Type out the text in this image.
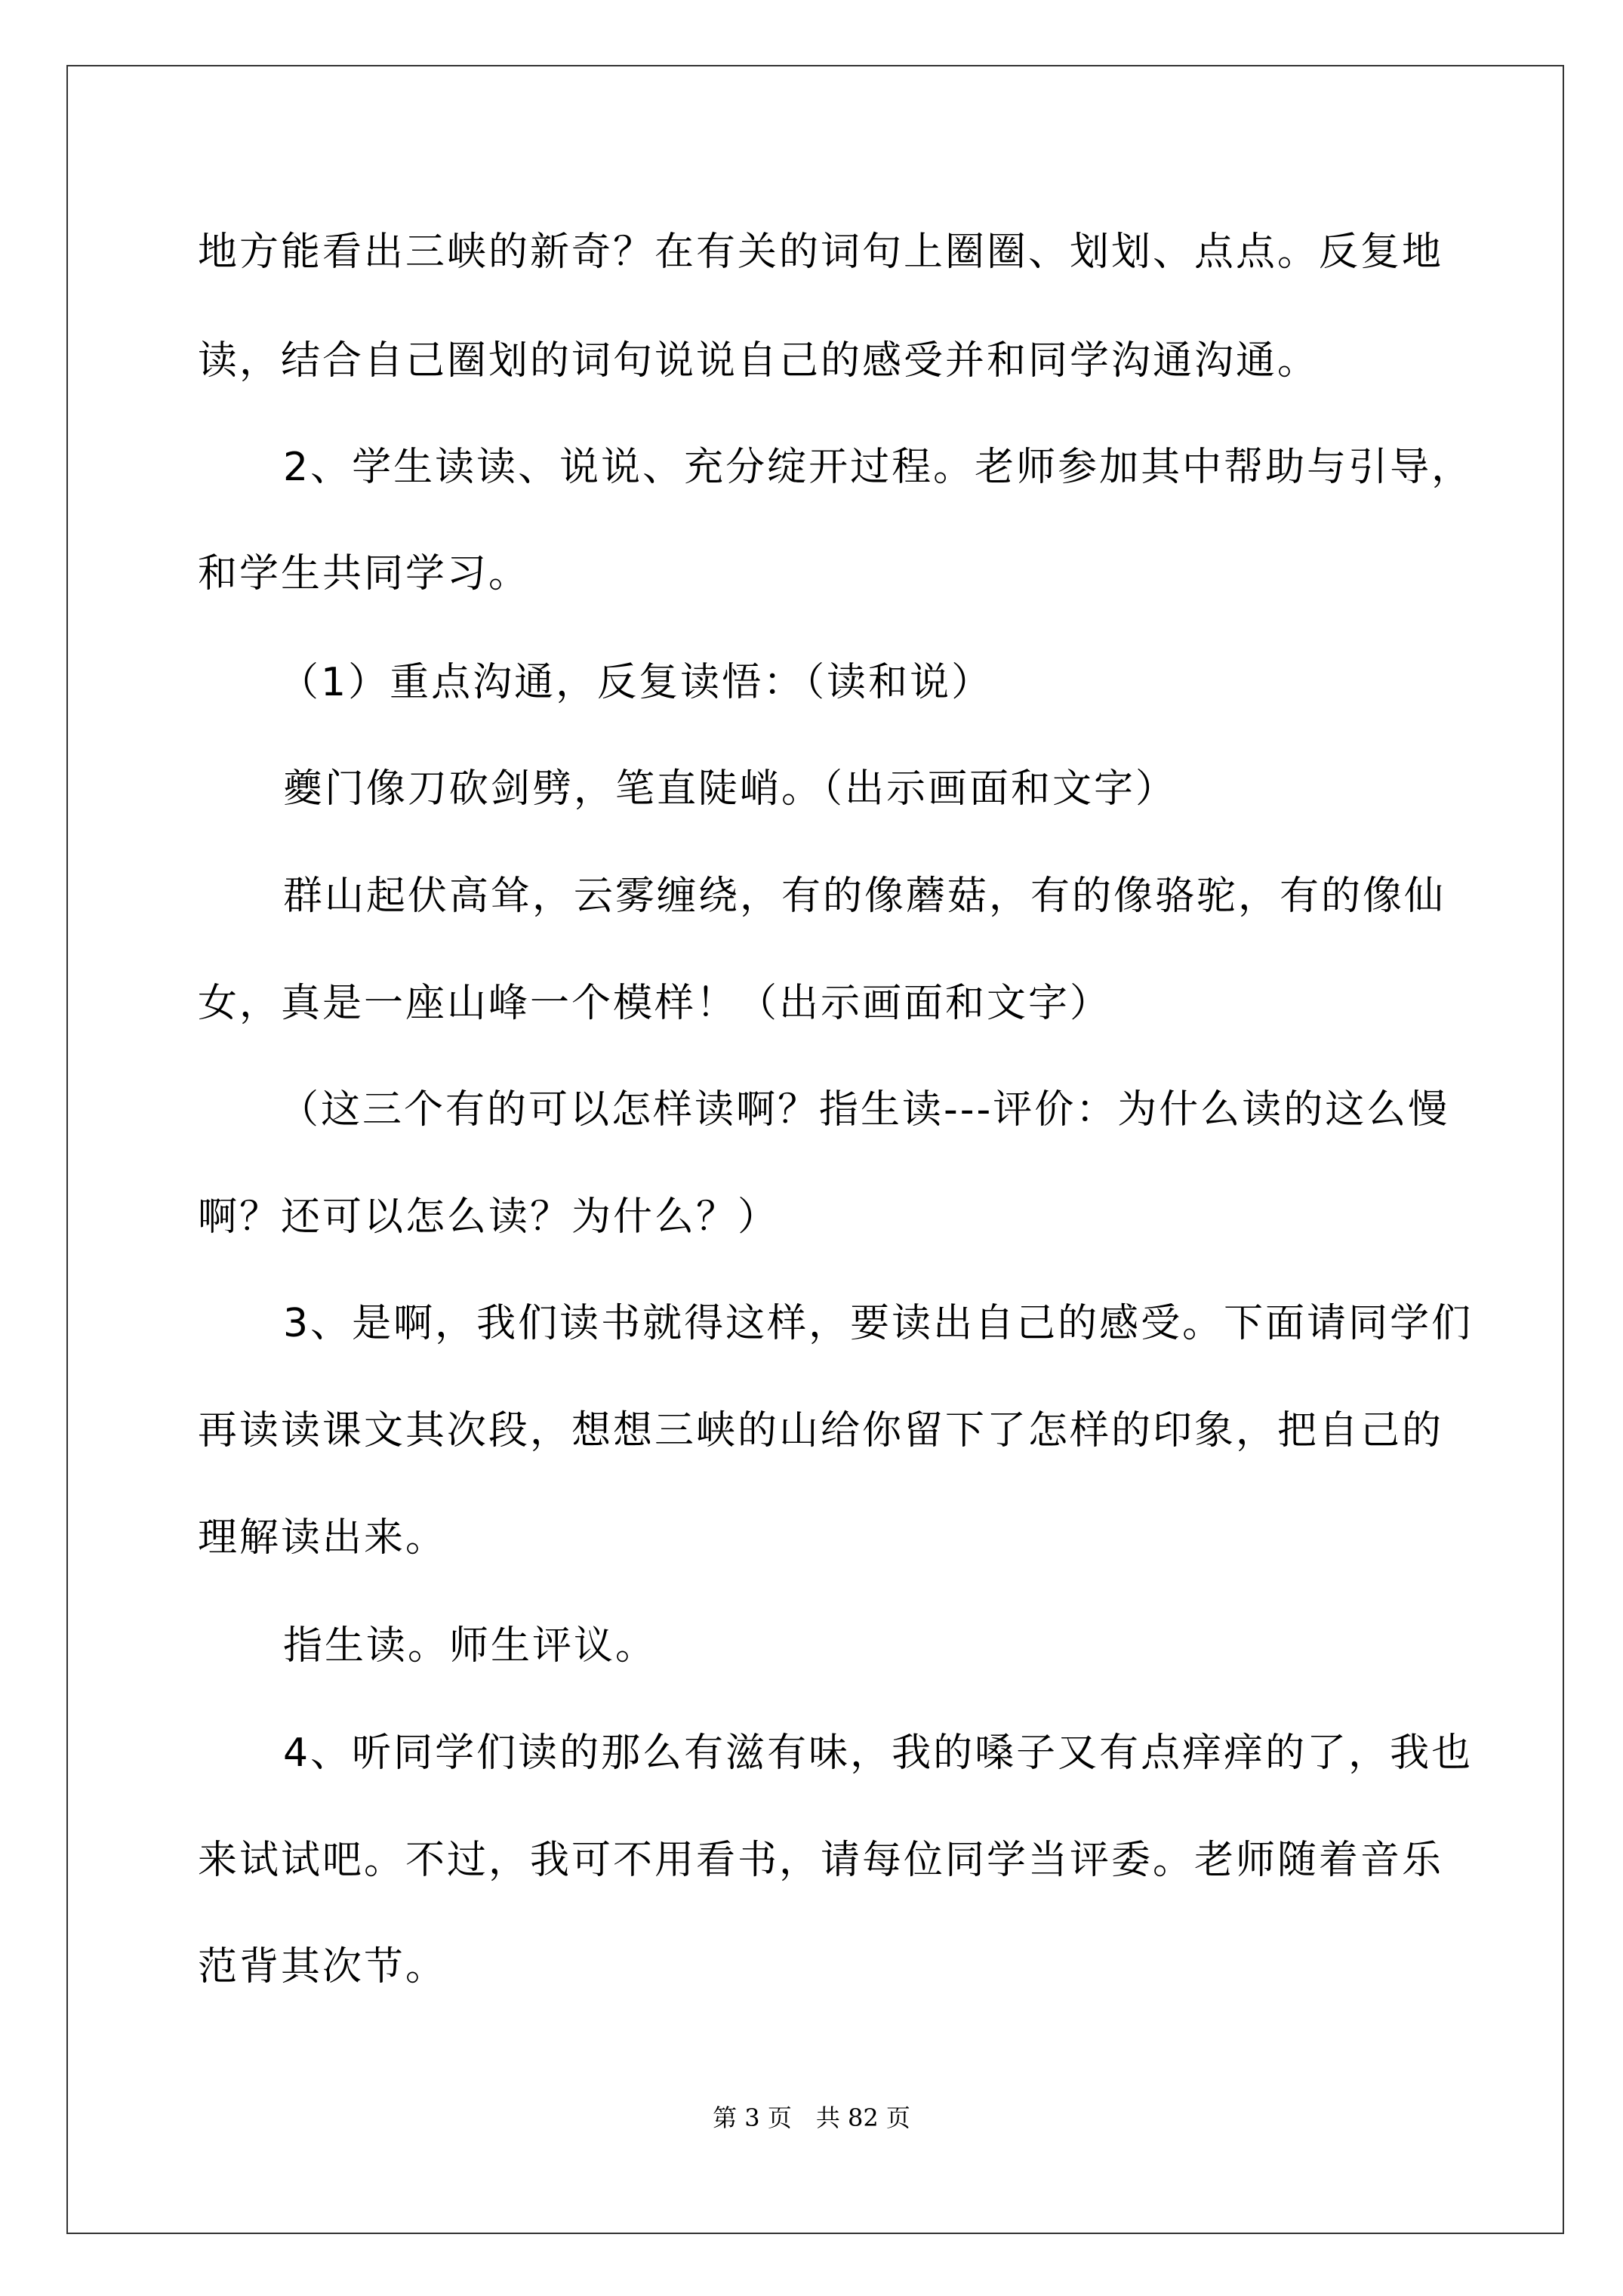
地方能看出三峡的新奇？在有关的词句上圈圈、划划、点点。反复地
读，结合自己圈划的词句说说自己的感受并和同学沟通沟通。
2、学生读读、说说、充分绽开过程。老师参加其中帮助与引导，
和学生共同学习。
（1）重点沟通，反复读悟：（读和说）
夔门像刀砍剑劈，笔直陡峭。（出示画面和文字）
群山起伏高耸，云雾缠绕，有的像蘑菇，有的像骆驼，有的像仙
女，真是一座山峰一个模样！（出示画面和文字）
（这三个有的可以怎样读啊？指生读---评价：为什么读的这么慢
啊？还可以怎么读？为什么？）
3、是啊，我们读书就得这样，要读出自己的感受。下面请同学们
再读读课文其次段，想想三峡的山给你留下了怎样的印象，把自己的
理解读出来。
指生读。师生评议。
4、听同学们读的那么有滋有味，我的嗓子又有点痒痒的了，我也
来试试吧。不过，我可不用看书，请每位同学当评委。老师随着音乐
范背其次节。
第 3 页　共 82 页
